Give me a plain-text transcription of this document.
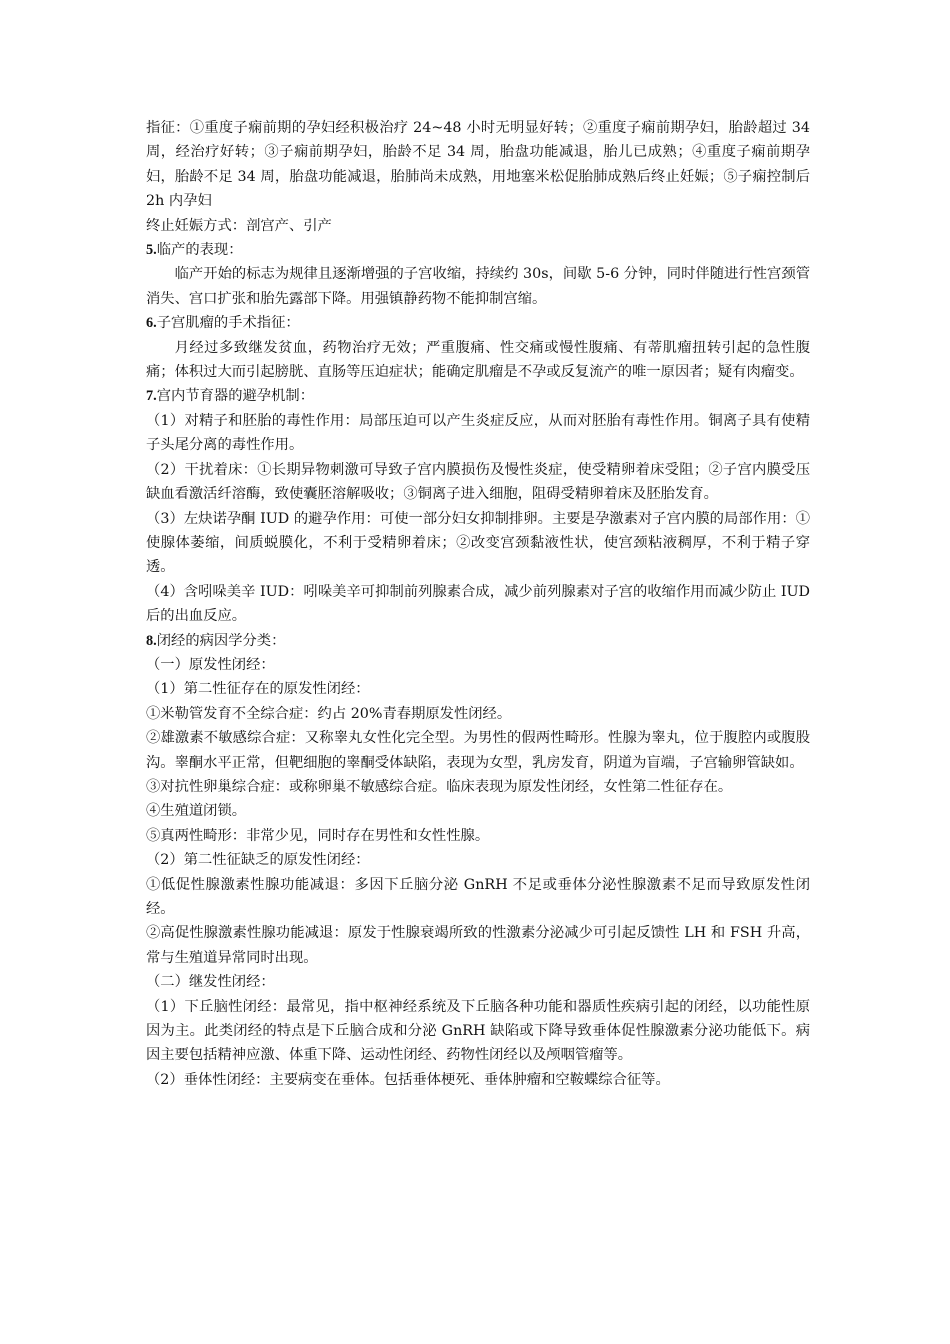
指征：①重度子痫前期的孕妇经积极治疗 24~48 小时无明显好转；②重度子痫前期孕妇，胎龄超过 34 周，经治疗好转；③子痫前期孕妇，胎龄不足 34 周，胎盘功能减退，胎儿已成熟；④重度子痫前期孕妇，胎龄不足 34 周，胎盘功能减退，胎肺尚未成熟，用地塞米松促胎肺成熟后终止妊娠；⑤子痫控制后 2h 内孕妇

终止妊娠方式：剖宫产、引产

5.临产的表现：

临产开始的标志为规律且逐渐增强的子宫收缩，持续约 30s，间歇 5-6 分钟，同时伴随进行性宫颈管消失、宫口扩张和胎先露部下降。用强镇静药物不能抑制宫缩。

6.子宫肌瘤的手术指征：

月经过多致继发贫血，药物治疗无效；严重腹痛、性交痛或慢性腹痛、有蒂肌瘤扭转引起的急性腹痛；体积过大而引起膀胱、直肠等压迫症状；能确定肌瘤是不孕或反复流产的唯一原因者；疑有肉瘤变。

7.宫内节育器的避孕机制：

（1）对精子和胚胎的毒性作用：局部压迫可以产生炎症反应，从而对胚胎有毒性作用。铜离子具有使精子头尾分离的毒性作用。

（2）干扰着床：①长期异物刺激可导致子宫内膜损伤及慢性炎症，使受精卵着床受阻；②子宫内膜受压缺血看激活纤溶酶，致使囊胚溶解吸收；③铜离子进入细胞，阻碍受精卵着床及胚胎发育。

（3）左炔诺孕酮 IUD 的避孕作用：可使一部分妇女抑制排卵。主要是孕激素对子宫内膜的局部作用：①使腺体萎缩，间质蜕膜化，不利于受精卵着床；②改变宫颈黏液性状，使宫颈粘液稠厚，不利于精子穿透。

（4）含吲哚美辛 IUD：吲哚美辛可抑制前列腺素合成，减少前列腺素对子宫的收缩作用而减少防止 IUD 后的出血反应。

8.闭经的病因学分类：

（一）原发性闭经：

（1）第二性征存在的原发性闭经：

①米勒管发育不全综合症：约占 20%青春期原发性闭经。

②雄激素不敏感综合症：又称睾丸女性化完全型。为男性的假两性畸形。性腺为睾丸，位于腹腔内或腹股沟。睾酮水平正常，但靶细胞的睾酮受体缺陷，表现为女型，乳房发育，阴道为盲端，子宫输卵管缺如。

③对抗性卵巢综合症：或称卵巢不敏感综合症。临床表现为原发性闭经，女性第二性征存在。

④生殖道闭锁。

⑤真两性畸形：非常少见，同时存在男性和女性性腺。

（2）第二性征缺乏的原发性闭经：

①低促性腺激素性腺功能减退：多因下丘脑分泌 GnRH 不足或垂体分泌性腺激素不足而导致原发性闭经。

②高促性腺激素性腺功能减退：原发于性腺衰竭所致的性激素分泌减少可引起反馈性 LH 和 FSH 升高，常与生殖道异常同时出现。

（二）继发性闭经：

（1）下丘脑性闭经：最常见，指中枢神经系统及下丘脑各种功能和器质性疾病引起的闭经，以功能性原因为主。此类闭经的特点是下丘脑合成和分泌 GnRH 缺陷或下降导致垂体促性腺激素分泌功能低下。病因主要包括精神应激、体重下降、运动性闭经、药物性闭经以及颅咽管瘤等。

（2）垂体性闭经：主要病变在垂体。包括垂体梗死、垂体肿瘤和空鞍蝶综合征等。
